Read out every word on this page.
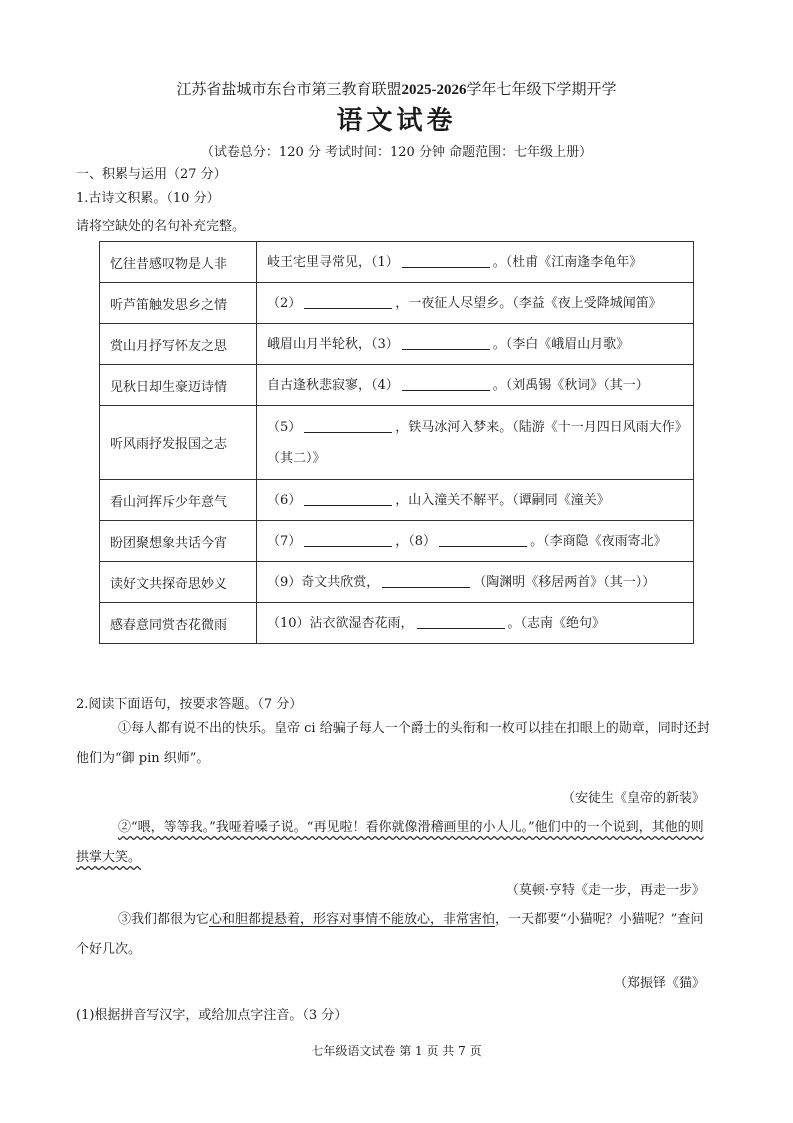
江苏省盐城市东台市第三教育联盟2025-2026学年七年级下学期开学
语文试卷
（试卷总分：120 分 考试时间：120 分钟 命题范围：七年级上册）
一、积累与运用（27 分）
1.古诗文积累。（10 分）
请将空缺处的名句补充完整。
忆往昔感叹物是人非	岐王宅里寻常见，（1） 。（杜甫《江南逢李龟年》
听芦笛触发思乡之情	（2） ，一夜征人尽望乡。（李益《夜上受降城闻笛》
赏山月抒写怀友之思	峨眉山月半轮秋，（3） 。（李白《峨眉山月歌》
见秋日却生豪迈诗情	自古逢秋悲寂寥，（4） 。（刘禹锡《秋词》（其一）
听风雨抒发报国之志	（5） ，铁马冰河入梦来。（陆游《十一月四日风雨大作》（其二）》
看山河挥斥少年意气	（6） ，山入潼关不解平。（谭嗣同《潼关》
盼团聚想象共话今宵	（7） ，（8） 。（李商隐《夜雨寄北》
读好文共探奇思妙义	（9）奇文共欣赏， （陶渊明《移居两首》（其一））
感春意同赏杏花微雨	（10）沾衣欲湿杏花雨， 。（志南《绝句》
2.阅读下面语句，按要求答题。（7 分）
①每人都有说不出的快乐。皇帝 ci 给骗子每人一个爵士的头衔和一枚可以挂在扣眼上的勋章，同时还封他们为“御 pin 织师”。
（安徒生《皇帝的新装》
②“喂，等等我。”我哑着嗓子说。“再见啦！看你就像滑稽画里的小人儿。”他们中的一个说到，其他的则拱掌大笑。
（莫顿·亨特《走一步，再走一步》
③我们都很为它心和胆都提悬着，形容对事情不能放心，非常害怕，一天都要“小猫呢？小猫呢？”查问个好几次。
（郑振铎《猫》
(1)根据拼音写汉字，或给加点字注音。（3 分）
七年级语文试卷 第 1 页 共 7 页
